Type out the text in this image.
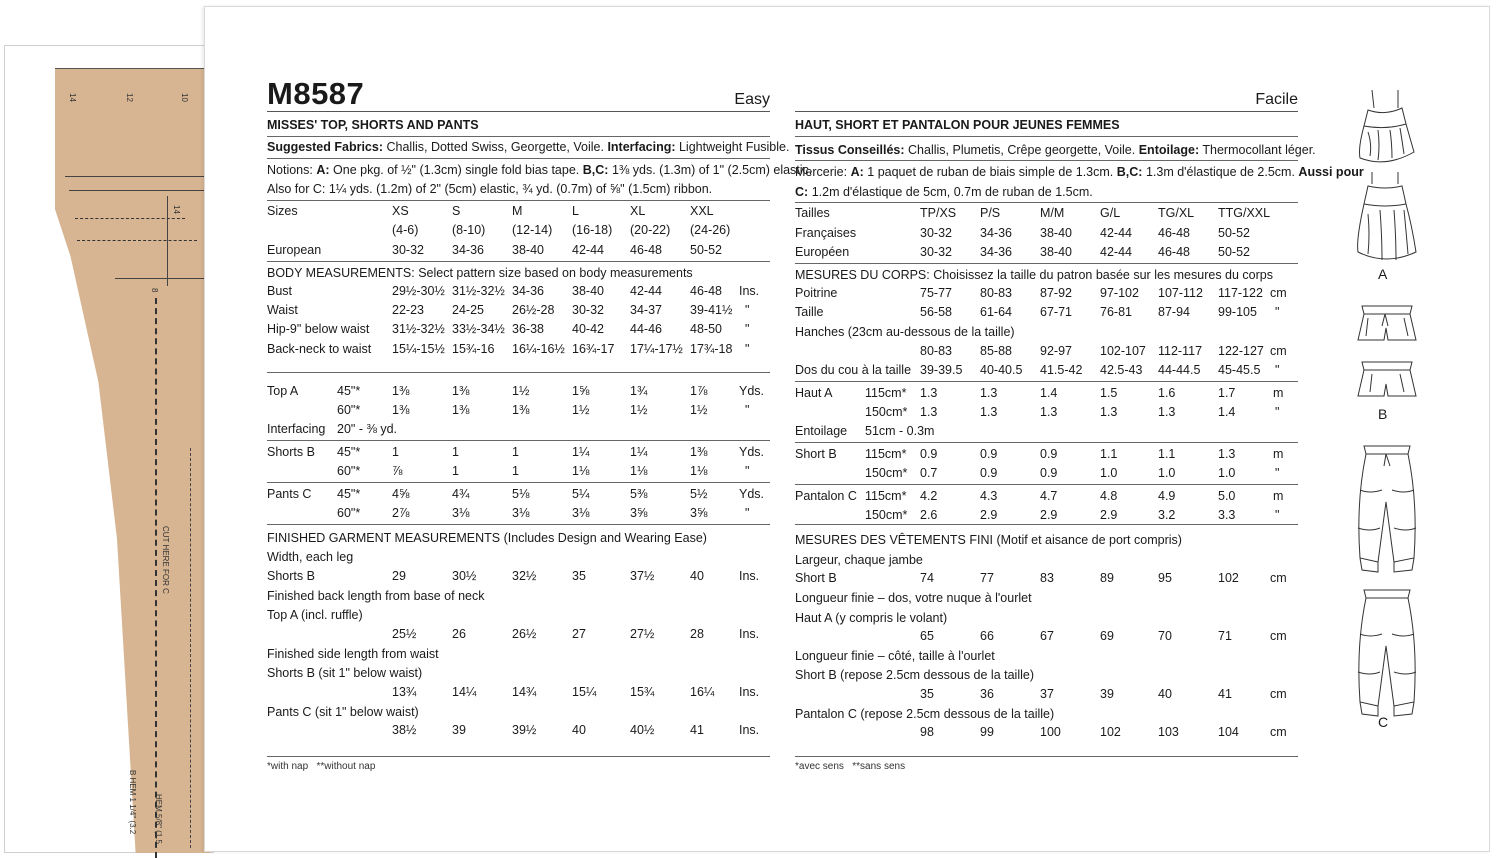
CUT HERE FOR C
B HEM 1 1/4" (3.2 HEM 5/8" (1.5
14	12	10
14
8
M8587	Easy
MISSES' TOP, SHORTS AND PANTS
Suggested Fabrics: Challis, Dotted Swiss, Georgette, Voile. Interfacing: Lightweight Fusible.
Notions: A: One pkg. of ½" (1.3cm) single fold bias tape. B,C: 1⅜ yds. (1.3m) of 1" (2.5cm) elastic.
Also for C: 1¼ yds. (1.2m) of 2" (5cm) elastic, ¾ yd. (0.7m) of ⅝" (1.5cm) ribbon.
Sizes	XS	S	M	L	XL	XXL
(4-6)	(8-10) (12-14) (16-18) (20-22) (24-26)
European	30-32 34-36 38-40 42-44 46-48 50-52
BODY MEASUREMENTS: Select pattern size based on body measurements
Bust	29½-30½ 31½-32½ 34-36 38-40 42-44 46-48 Ins.
Waist	22-23 24-25 26½-28 30-32 34-37 39-41½ "
Hip-9" below waist 31½-32½ 33½-34½ 36-38 40-42 44-46 48-50 "
Back-neck to waist 15¼-15½ 15¾-16 16¼-16½ 16¾-17 17¼-17½ 17¾-18 "
Top A	45"*	1⅜	1⅜	1½	1⅝	1¾	1⅞	Yds.
60"*	1⅜	1⅜	1⅜	1½	1½	1½	"
Interfacing 20" - ⅜ yd.
Shorts B 45"*	1	1	1	1¼	1¼	1⅜	Yds.
60"*	⅞	1	1	1⅛	1⅛	1⅛	"
Pants C 45"*	4⅝	4¾	5⅛	5¼	5⅜	5½	Yds.
60"*	2⅞	3⅛	3⅛	3⅛	3⅝	3⅝	"
FINISHED GARMENT MEASUREMENTS (Includes Design and Wearing Ease)
Width, each leg
Shorts B	29	30½	32½	35	37½	40	Ins.
Finished back length from base of neck
Top A (incl. ruffle)
25½	26	26½	27	27½	28	Ins.
Finished side length from waist
Shorts B (sit 1" below waist)
13¾	14¼	14¾	15¼	15¾	16¼ Ins.
Pants C (sit 1" below waist)
38½	39	39½	40	40½	41	Ins.
*with nap **without nap
Facile
HAUT, SHORT ET PANTALON POUR JEUNES FEMMES
Tissus Conseillés: Challis, Plumetis, Crêpe georgette, Voile. Entoilage: Thermocollant léger.
Mercerie: A: 1 paquet de ruban de biais simple de 1.3cm. B,C: 1.3m d'élastique de 2.5cm. Aussi pour
C: 1.2m d'élastique de 5cm, 0.7m de ruban de 1.5cm.
Tailles	TP/XS P/S	M/M	G/L	TG/XL TTG/XXL
Françaises	30-32 34-36 38-40 42-44 46-48 50-52
Européen	30-32 34-36 38-40 42-44 46-48 50-52
MESURES DU CORPS: Choisissez la taille du patron basée sur les mesures du corps
Poitrine	75-77 80-83 87-92 97-102 107-112 117-122 cm
Taille	56-58 61-64 67-71 76-81 87-94 99-105 "
Hanches (23cm au-dessous de la taille)
80-83 85-88 92-97 102-107 112-117 122-127 cm
Dos du cou à la taille 39-39.5 40-40.5 41.5-42 42.5-43 44-44.5 45-45.5 "
Haut A	115cm* 1.3	1.3	1.4	1.5	1.6	1.7	m
150cm* 1.3	1.3	1.3	1.3	1.3	1.4	"
Entoilage 51cm - 0.3m
Short B 115cm* 0.9	0.9	0.9	1.1	1.1	1.3	m
150cm* 0.7	0.9	0.9	1.0	1.0	1.0	"
Pantalon C 115cm* 4.2	4.3	4.7	4.8	4.9	5.0	m
150cm* 2.6	2.9	2.9	2.9	3.2	3.3	"
MESURES DES VÊTEMENTS FINI (Motif et aisance de port compris)
Largeur, chaque jambe
Short B	74	77	83	89	95	102 cm
Longueur finie – dos, votre nuque à l'ourlet
Haut A (y compris le volant)
65	66	67	69	70	71	cm
Longueur finie – côté, taille à l'ourlet
Short B (repose 2.5cm dessous de la taille)
35	36	37	39	40	41	cm
Pantalon C (repose 2.5cm dessous de la taille)
98	99	100	102	103	104 cm
*avec sens **sans sens
A
B
C
